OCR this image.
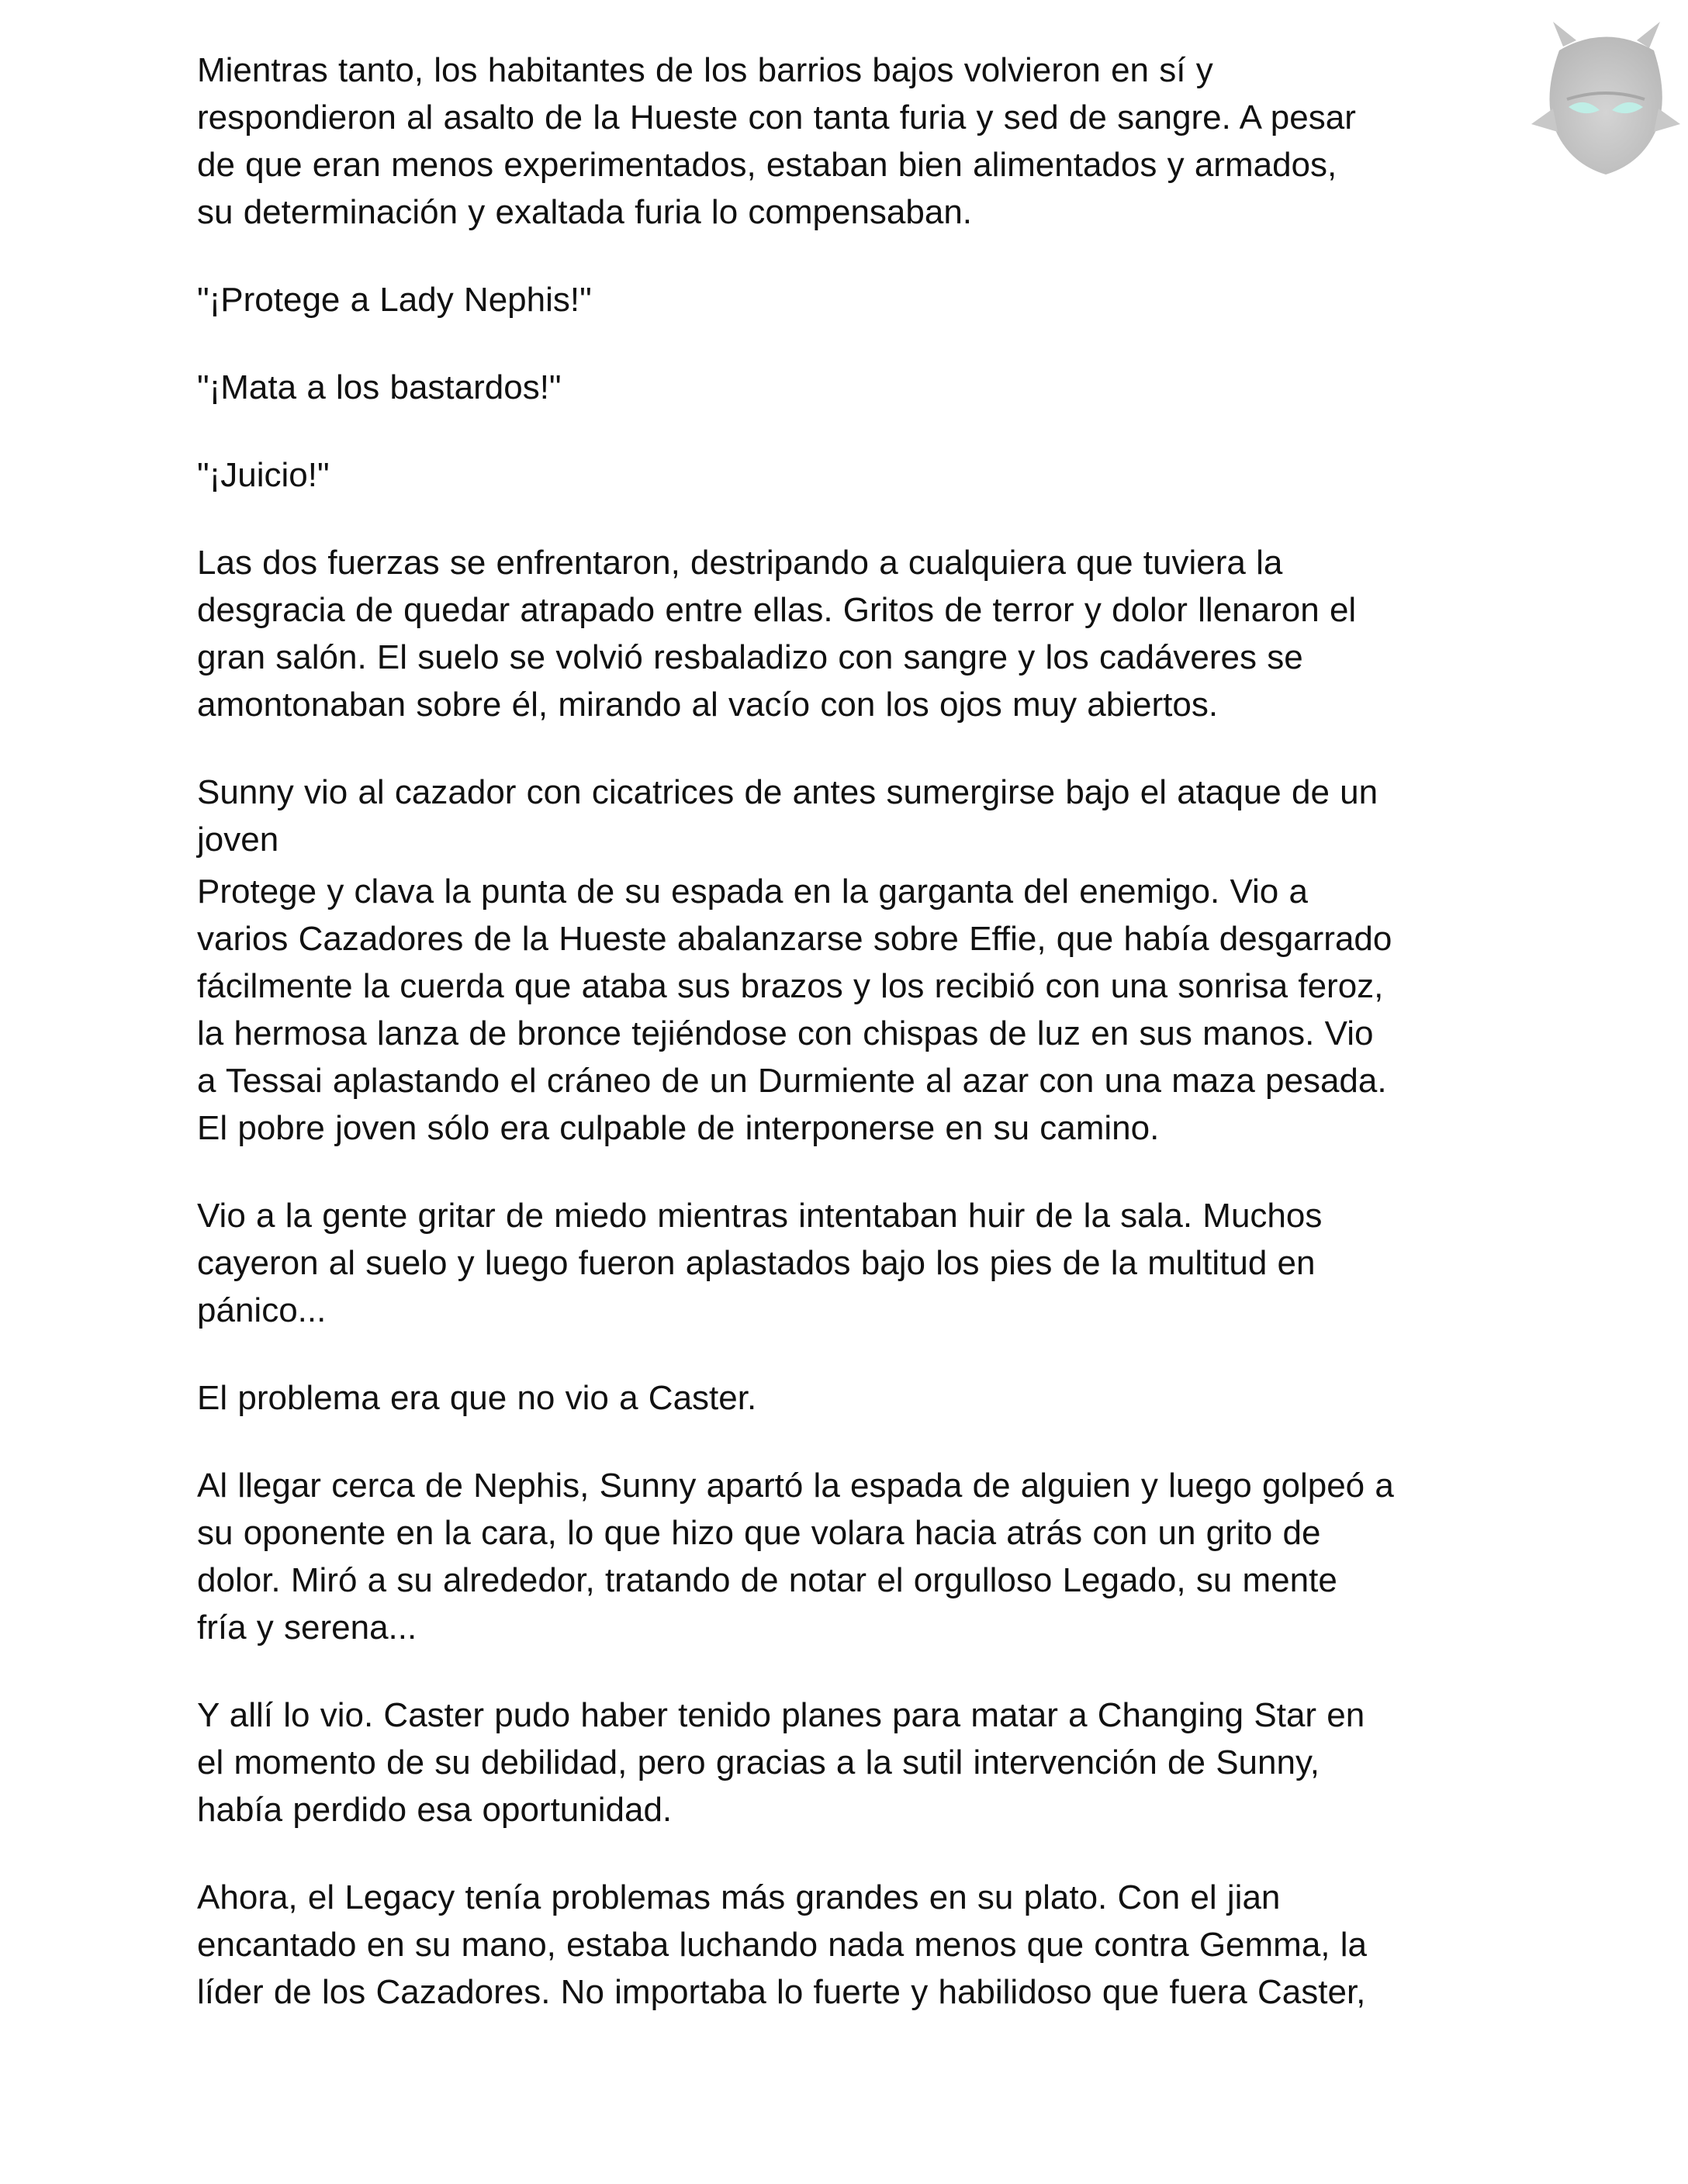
Mientras tanto, los habitantes de los barrios bajos volvieron en sí y
respondieron al asalto de la Hueste con tanta furia y sed de sangre. A pesar
de que eran menos experimentados, estaban bien alimentados y armados,
su determinación y exaltada furia lo compensaban.

"¡Protege a Lady Nephis!"

"¡Mata a los bastardos!"

"¡Juicio!"

Las dos fuerzas se enfrentaron, destripando a cualquiera que tuviera la
desgracia de quedar atrapado entre ellas. Gritos de terror y dolor llenaron el
gran salón. El suelo se volvió resbaladizo con sangre y los cadáveres se
amontonaban sobre él, mirando al vacío con los ojos muy abiertos.

Sunny vio al cazador con cicatrices de antes sumergirse bajo el ataque de un
joven

Protege y clava la punta de su espada en la garganta del enemigo. Vio a
varios Cazadores de la Hueste abalanzarse sobre Effie, que había desgarrado
fácilmente la cuerda que ataba sus brazos y los recibió con una sonrisa feroz,
la hermosa lanza de bronce tejiéndose con chispas de luz en sus manos. Vio
a Tessai aplastando el cráneo de un Durmiente al azar con una maza pesada.
El pobre joven sólo era culpable de interponerse en su camino.

Vio a la gente gritar de miedo mientras intentaban huir de la sala. Muchos
cayeron al suelo y luego fueron aplastados bajo los pies de la multitud en
pánico...

El problema era que no vio a Caster.

Al llegar cerca de Nephis, Sunny apartó la espada de alguien y luego golpeó a
su oponente en la cara, lo que hizo que volara hacia atrás con un grito de
dolor. Miró a su alrededor, tratando de notar el orgulloso Legado, su mente
fría y serena...

Y allí lo vio. Caster pudo haber tenido planes para matar a Changing Star en
el momento de su debilidad, pero gracias a la sutil intervención de Sunny,
había perdido esa oportunidad.

Ahora, el Legacy tenía problemas más grandes en su plato. Con el jian
encantado en su mano, estaba luchando nada menos que contra Gemma, la
líder de los Cazadores. No importaba lo fuerte y habilidoso que fuera Caster,
